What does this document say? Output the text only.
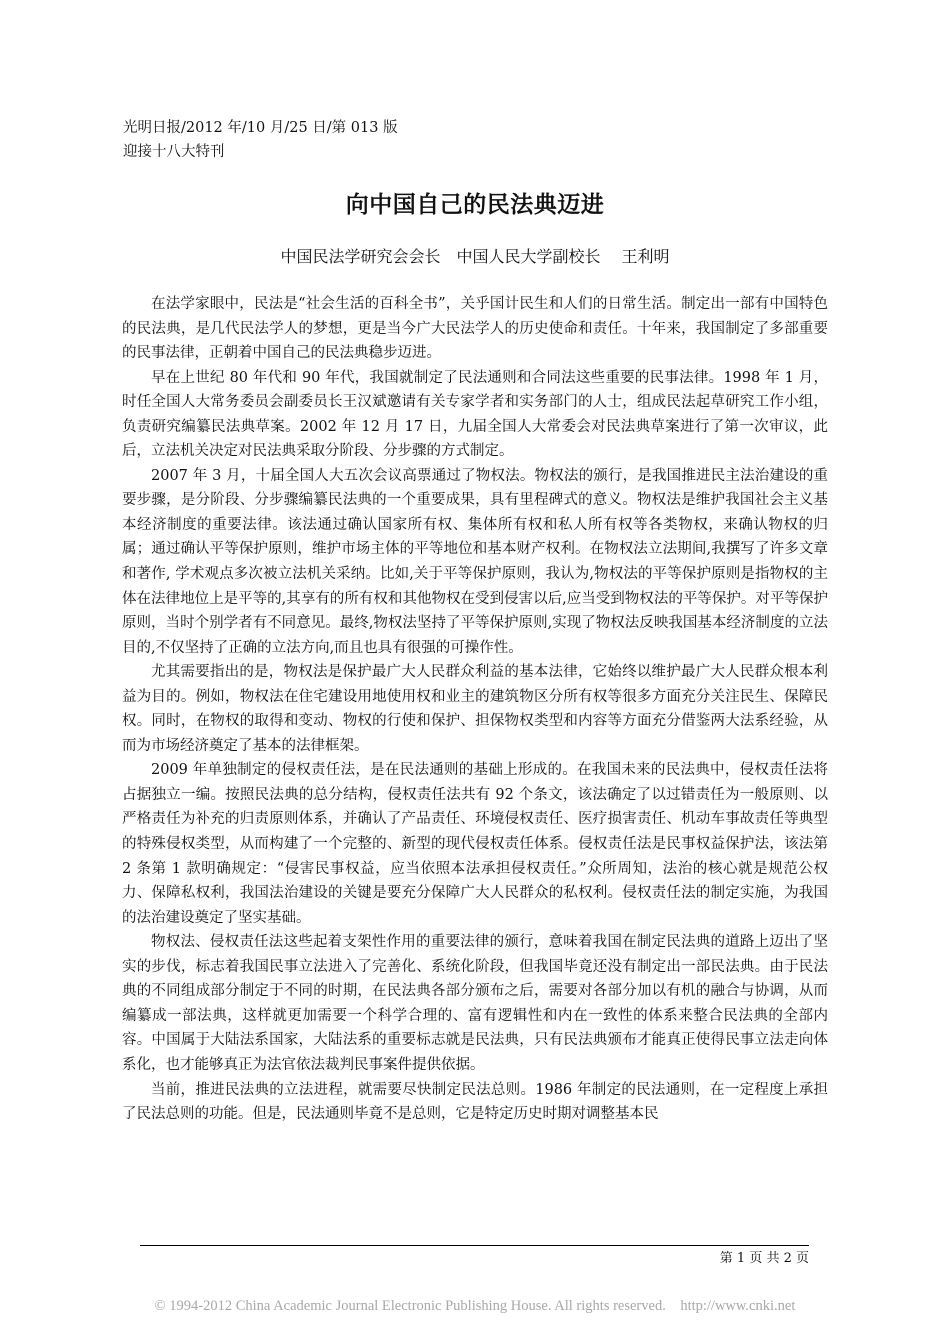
光明日报/2012 年/10 月/25 日/第 013 版
迎接十八大特刊
向中国自己的民法典迈进
中国民法学研究会会长　中国人民大学副校长　 王利明

在法学家眼中，民法是“社会生活的百科全书”，关乎国计民生和人们的日常生活。制定出一部有中国特色的民法典，是几代民法学人的梦想，更是当今广大民法学人的历史使命和责任。十年来，我国制定了多部重要的民事法律，正朝着中国自己的民法典稳步迈进。

早在上世纪 80 年代和 90 年代，我国就制定了民法通则和合同法这些重要的民事法律。1998 年 1 月，时任全国人大常务委员会副委员长王汉斌邀请有关专家学者和实务部门的人士，组成民法起草研究工作小组，负责研究编纂民法典草案。2002 年 12 月 17 日，九届全国人大常委会对民法典草案进行了第一次审议，此后，立法机关决定对民法典采取分阶段、分步骤的方式制定。

2007 年 3 月，十届全国人大五次会议高票通过了物权法。物权法的颁行，是我国推进民主法治建设的重要步骤，是分阶段、分步骤编纂民法典的一个重要成果，具有里程碑式的意义。物权法是维护我国社会主义基本经济制度的重要法律。该法通过确认国家所有权、集体所有权和私人所有权等各类物权，来确认物权的归属；通过确认平等保护原则，维护市场主体的平等地位和基本财产权利。在物权法立法期间,我撰写了许多文章和著作, 学术观点多次被立法机关采纳。比如,关于平等保护原则，我认为,物权法的平等保护原则是指物权的主体在法律地位上是平等的,其享有的所有权和其他物权在受到侵害以后,应当受到物权法的平等保护。对平等保护原则，当时个别学者有不同意见。最终,物权法坚持了平等保护原则,实现了物权法反映我国基本经济制度的立法目的,不仅坚持了正确的立法方向,而且也具有很强的可操作性。

尤其需要指出的是，物权法是保护最广大人民群众利益的基本法律，它始终以维护最广大人民群众根本利益为目的。例如，物权法在住宅建设用地使用权和业主的建筑物区分所有权等很多方面充分关注民生、保障民权。同时，在物权的取得和变动、物权的行使和保护、担保物权类型和内容等方面充分借鉴两大法系经验，从而为市场经济奠定了基本的法律框架。

2009 年单独制定的侵权责任法，是在民法通则的基础上形成的。在我国未来的民法典中，侵权责任法将占据独立一编。按照民法典的总分结构，侵权责任法共有 92 个条文，该法确定了以过错责任为一般原则、以严格责任为补充的归责原则体系，并确认了产品责任、环境侵权责任、医疗损害责任、机动车事故责任等典型的特殊侵权类型，从而构建了一个完整的、新型的现代侵权责任体系。侵权责任法是民事权益保护法，该法第 2 条第 1 款明确规定：“侵害民事权益，应当依照本法承担侵权责任。”众所周知，法治的核心就是规范公权力、保障私权利，我国法治建设的关键是要充分保障广大人民群众的私权利。侵权责任法的制定实施，为我国的法治建设奠定了坚实基础。

物权法、侵权责任法这些起着支架性作用的重要法律的颁行，意味着我国在制定民法典的道路上迈出了坚实的步伐，标志着我国民事立法进入了完善化、系统化阶段，但我国毕竟还没有制定出一部民法典。由于民法典的不同组成部分制定于不同的时期，在民法典各部分颁布之后，需要对各部分加以有机的融合与协调，从而编纂成一部法典，这样就更加需要一个科学合理的、富有逻辑性和内在一致性的体系来整合民法典的全部内容。中国属于大陆法系国家，大陆法系的重要标志就是民法典，只有民法典颁布才能真正使得民事立法走向体系化，也才能够真正为法官依法裁判民事案件提供依据。

当前，推进民法典的立法进程，就需要尽快制定民法总则。1986 年制定的民法通则，在一定程度上承担了民法总则的功能。但是，民法通则毕竟不是总则，它是特定历史时期对调整基本民

第 1 页 共 2 页
© 1994-2012 China Academic Journal Electronic Publishing House. All rights reserved.    http://www.cnki.net
